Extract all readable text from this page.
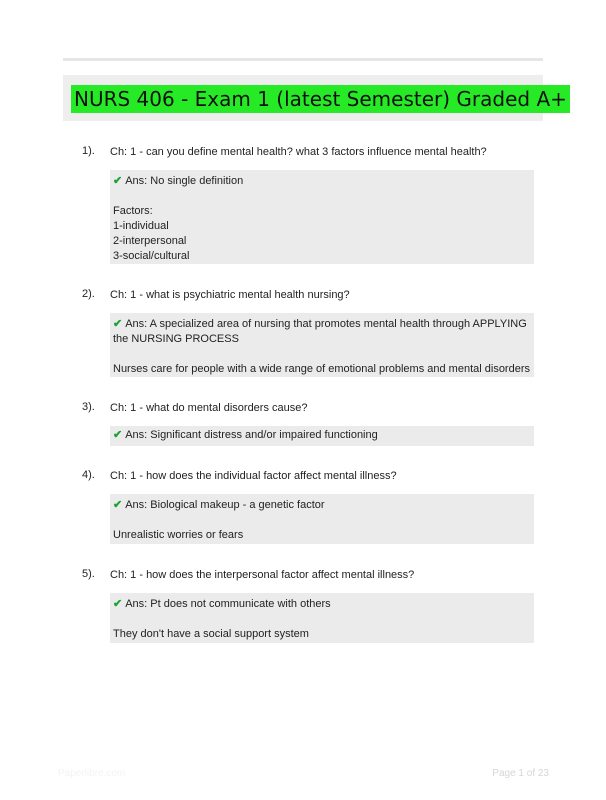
NURS 406 - Exam 1 (latest Semester) Graded A+
1). Ch: 1 - can you define mental health? what 3 factors influence mental health?
✔ Ans: No single definition
Factors:
1-individual
2-interpersonal
3-social/cultural
2). Ch: 1 - what is psychiatric mental health nursing?
✔ Ans: A specialized area of nursing that promotes mental health through APPLYING
the NURSING PROCESS
Nurses care for people with a wide range of emotional problems and mental disorders
3). Ch: 1 - what do mental disorders cause?
✔ Ans: Significant distress and/or impaired functioning
4). Ch: 1 - how does the individual factor affect mental illness?
✔ Ans: Biological makeup - a genetic factor
Unrealistic worries or fears
5). Ch: 1 - how does the interpersonal factor affect mental illness?
✔ Ans: Pt does not communicate with others
They don't have a social support system
Paperlibre.com	Page 1 of 23
